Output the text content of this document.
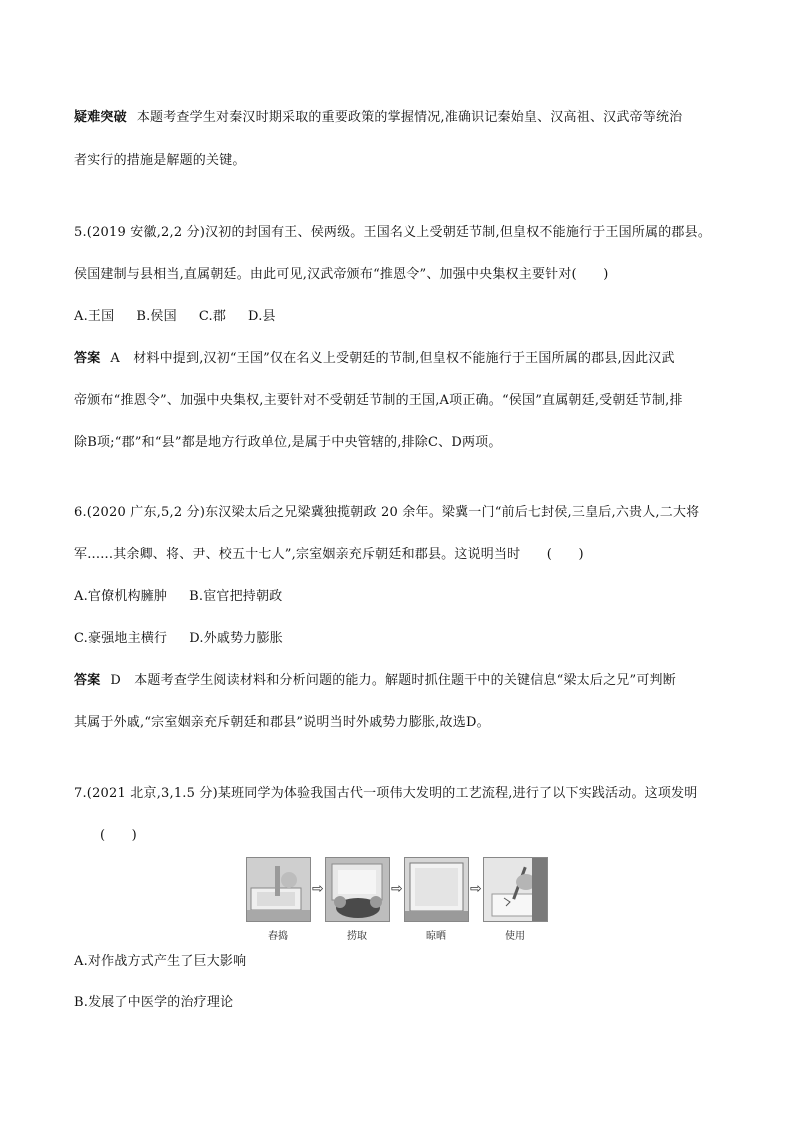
疑难突破 本题考查学生对秦汉时期采取的重要政策的掌握情况,准确识记秦始皇、汉高祖、汉武帝等统治
者实行的措施是解题的关键。
5.(2019 安徽,2,2 分)汉初的封国有王、侯两级。王国名义上受朝廷节制,但皇权不能施行于王国所属的郡县。
侯国建制与县相当,直属朝廷。由此可见,汉武帝颁布“推恩令”、加强中央集权主要针对(　　)
A.王国 B.侯国 C.郡 D.县
答案 A　材料中提到,汉初“王国”仅在名义上受朝廷的节制,但皇权不能施行于王国所属的郡县,因此汉武
帝颁布“推恩令”、加强中央集权,主要针对不受朝廷节制的王国,A项正确。“侯国”直属朝廷,受朝廷节制,排
除B项;“郡”和“县”都是地方行政单位,是属于中央管辖的,排除C、D两项。
6.(2020 广东,5,2 分)东汉梁太后之兄梁冀独揽朝政 20 余年。梁冀一门“前后七封侯,三皇后,六贵人,二大将
军......其余卿、将、尹、校五十七人”,宗室姻亲充斥朝廷和郡县。这说明当时　　(　　)
A.官僚机构臃肿 B.宦官把持朝政
C.豪强地主横行 D.外戚势力膨胀
答案 D　本题考查学生阅读材料和分析问题的能力。解题时抓住题干中的关键信息“梁太后之兄”可判断
其属于外戚,“宗室姻亲充斥朝廷和郡县”说明当时外戚势力膨胀,故选D。
7.(2021 北京,3,1.5 分)某班同学为体验我国古代一项伟大发明的工艺流程,进行了以下实践活动。这项发明
(　　)
⇨	⇨	⇨
舂捣	捞取	晾晒	使用
A.对作战方式产生了巨大影响
B.发展了中医学的治疗理论
